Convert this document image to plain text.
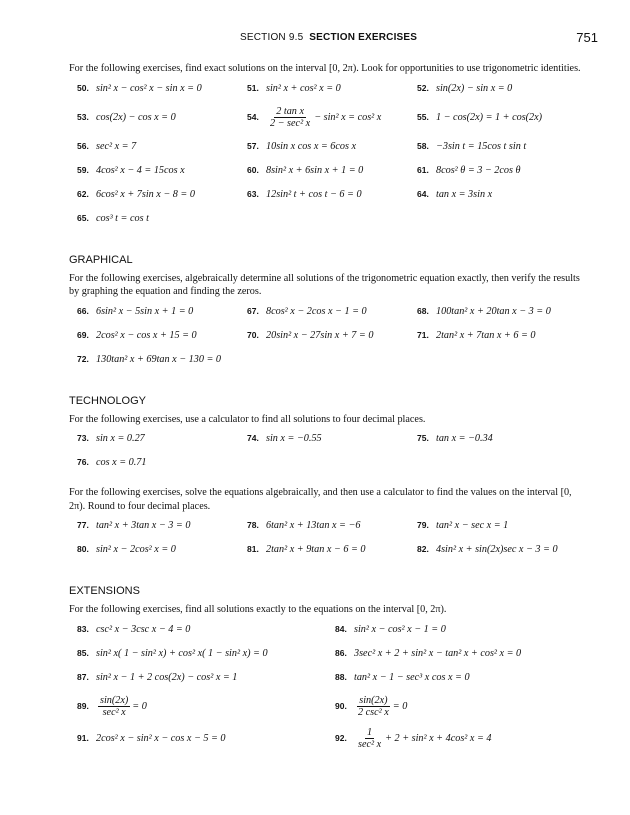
SECTION 9.5 SECTION EXERCISES	751

For the following exercises, find exact solutions on the interval [0, 2π). Look for opportunities to use trigonometric identities.

50. sin² x − cos² x − sin x = 0	51. sin² x + cos² x = 0	52. sin(2x) − sin x = 0
53. cos(2x) − cos x = 0	54. $\frac{\text{2 tan x}}{\text{2 − sec² x}} - \sin^2$ x = cos² x	55. 1 − cos(2x) = 1 + cos(2x)
56. sec² x = 7	57. 10sin x cos x = 6cos x	58. −3sin t = 15cos t sin t
59. 4cos² x − 4 = 15cos x	60. 8sin² x + 6sin x + 1 = 0	61. 8cos² θ = 3 − 2cos θ
62. 6cos² x + 7sin x − 8 = 0	63. 12sin² t + cos t − 6 = 0	64. tan x = 3sin x
65. cos³ t = cos t
GRAPHICAL

For the following exercises, algebraically determine all solutions of the trigonometric equation exactly, then verify the results by graphing the equation and finding the zeros.

66. 6sin² x − 5sin x + 1 = 0	67. 8cos² x − 2cos x − 1 = 0	68. 100tan² x + 20tan x − 3 = 0
69. 2cos² x − cos x + 15 = 0	70. 20sin² x − 27sin x + 7 = 0	71. 2tan² x + 7tan x + 6 = 0
72. 130tan² x + 69tan x − 130 = 0
TECHNOLOGY

For the following exercises, use a calculator to find all solutions to four decimal places.

73. sin x = 0.27	74. sin x = −0.55	75. tan x = −0.34
76. cos x = 0.71

For the following exercises, solve the equations algebraically, and then use a calculator to find the values on the interval [0, 2π). Round to four decimal places.

77. tan² x + 3tan x − 3 = 0	78. 6tan² x + 13tan x = −6	79. tan² x − sec x = 1
80. sin² x − 2cos² x = 0	81. 2tan² x + 9tan x − 6 = 0	82. 4sin² x + sin(2x)sec x − 3 = 0
EXTENSIONS

For the following exercises, find all solutions exactly to the equations on the interval [0, 2π).

83. csc² x − 3csc x − 4 = 0	84. sin² x − cos² x − 1 = 0
85. sin² x( 1 − sin² x) + cos² x( 1 − sin² x) = 0	86. 3sec² x + 2 + sin² x − tan² x + cos² x = 0
87. sin² x − 1 + 2 cos(2x) − cos² x = 1	88. tan² x − 1 − sec³ x cos x = 0
89. $\frac{\sin(2x)}{\text{sec² x}} = 0$	90. $\frac{\sin(2x)}{\text{2 csc² x}} = 0$
91. 2cos² x − sin² x − cos x − 5 = 0	92. $\frac{1}{\text{sec² x}} + 2 + \sin^2$ x + 4cos² x = 4
